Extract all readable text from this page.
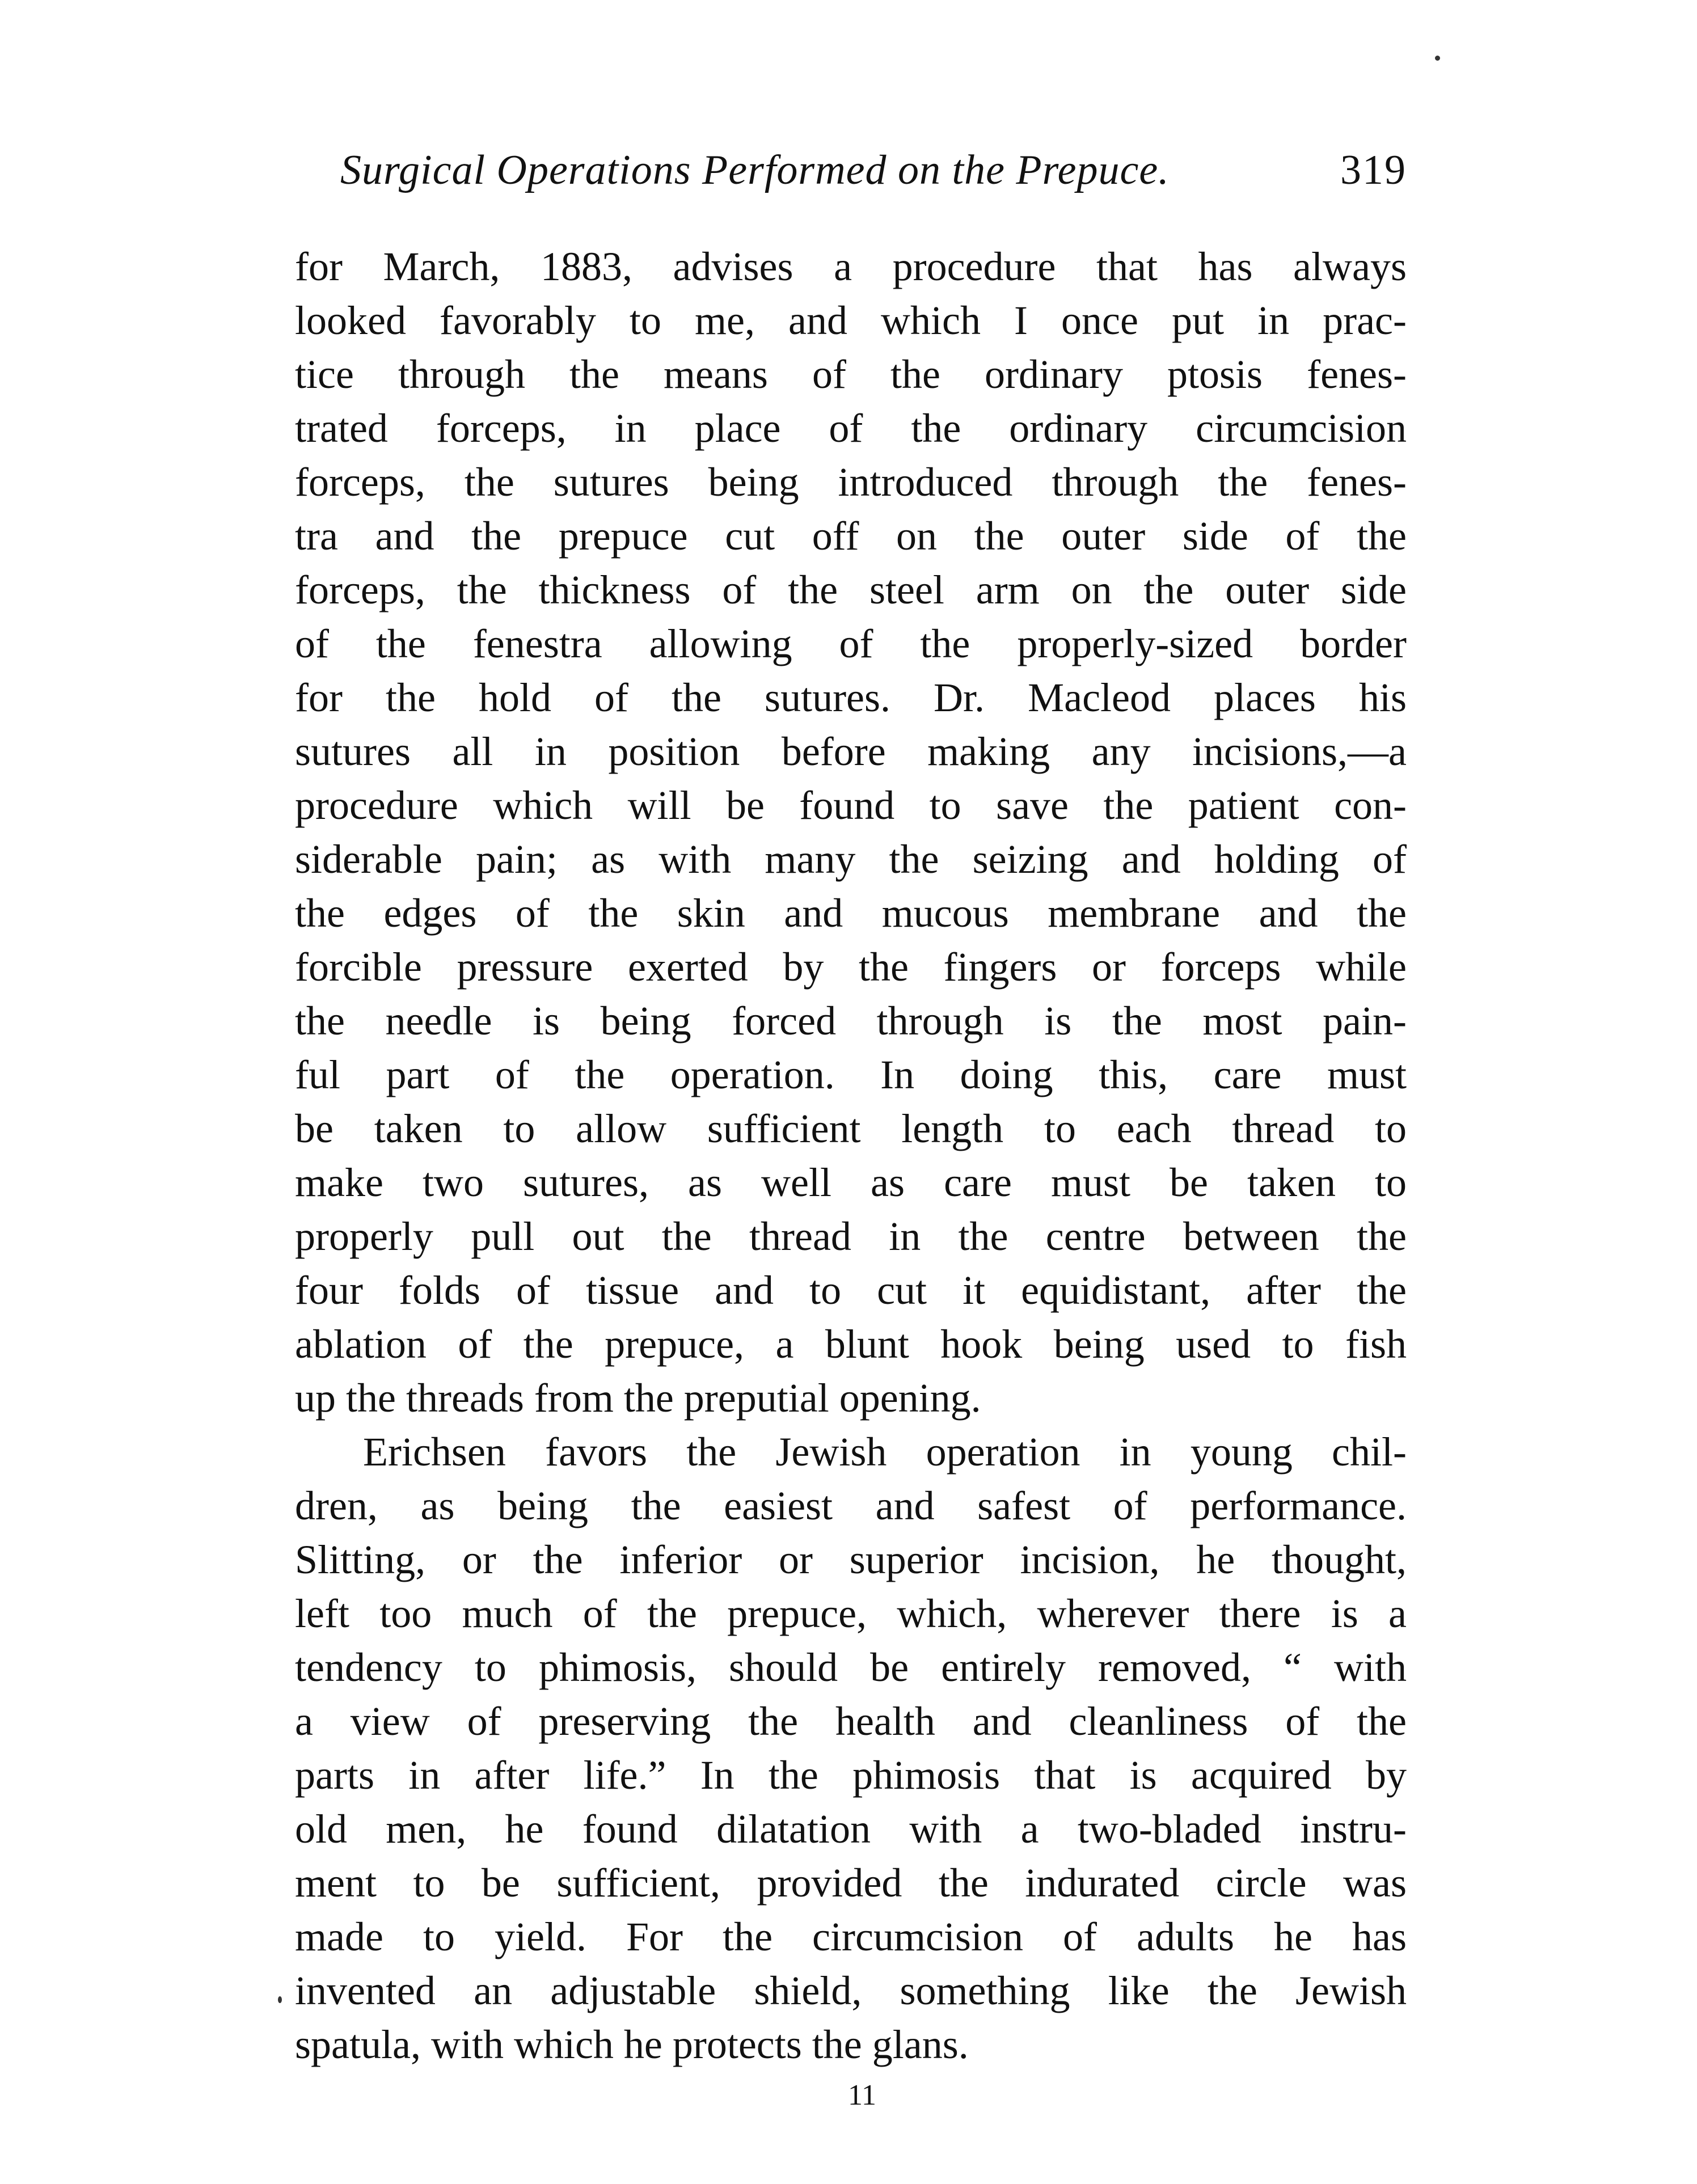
Surgical Operations Performed on the Prepuce.	319
for March, 1883, advises a procedure that has always
looked favorably to me, and which I once put in prac-
tice through the means of the ordinary ptosis fenes-
trated forceps, in place of the ordinary circumcision
forceps, the sutures being introduced through the fenes-
tra and the prepuce cut off on the outer side of the
forceps, the thickness of the steel arm on the outer side
of the fenestra allowing of the properly-sized border
for the hold of the sutures. Dr. Macleod places his
sutures all in position before making any incisions,—a
procedure which will be found to save the patient con-
siderable pain; as with many the seizing and holding of
the edges of the skin and mucous membrane and the
forcible pressure exerted by the fingers or forceps while
the needle is being forced through is the most pain-
ful part of the operation. In doing this, care must
be taken to allow sufficient length to each thread to
make two sutures, as well as care must be taken to
properly pull out the thread in the centre between the
four folds of tissue and to cut it equidistant, after the
ablation of the prepuce, a blunt hook being used to fish
up the threads from the preputial opening.
Erichsen favors the Jewish operation in young chil-
dren, as being the easiest and safest of performance.
Slitting, or the inferior or superior incision, he thought,
left too much of the prepuce, which, wherever there is a
tendency to phimosis, should be entirely removed, “ with
a view of preserving the health and cleanliness of the
parts in after life.” In the phimosis that is acquired by
old men, he found dilatation with a two-bladed instru-
ment to be sufficient, provided the indurated circle was
made to yield. For the circumcision of adults he has
invented an adjustable shield, something like the Jewish
spatula, with which he protects the glans.
11
